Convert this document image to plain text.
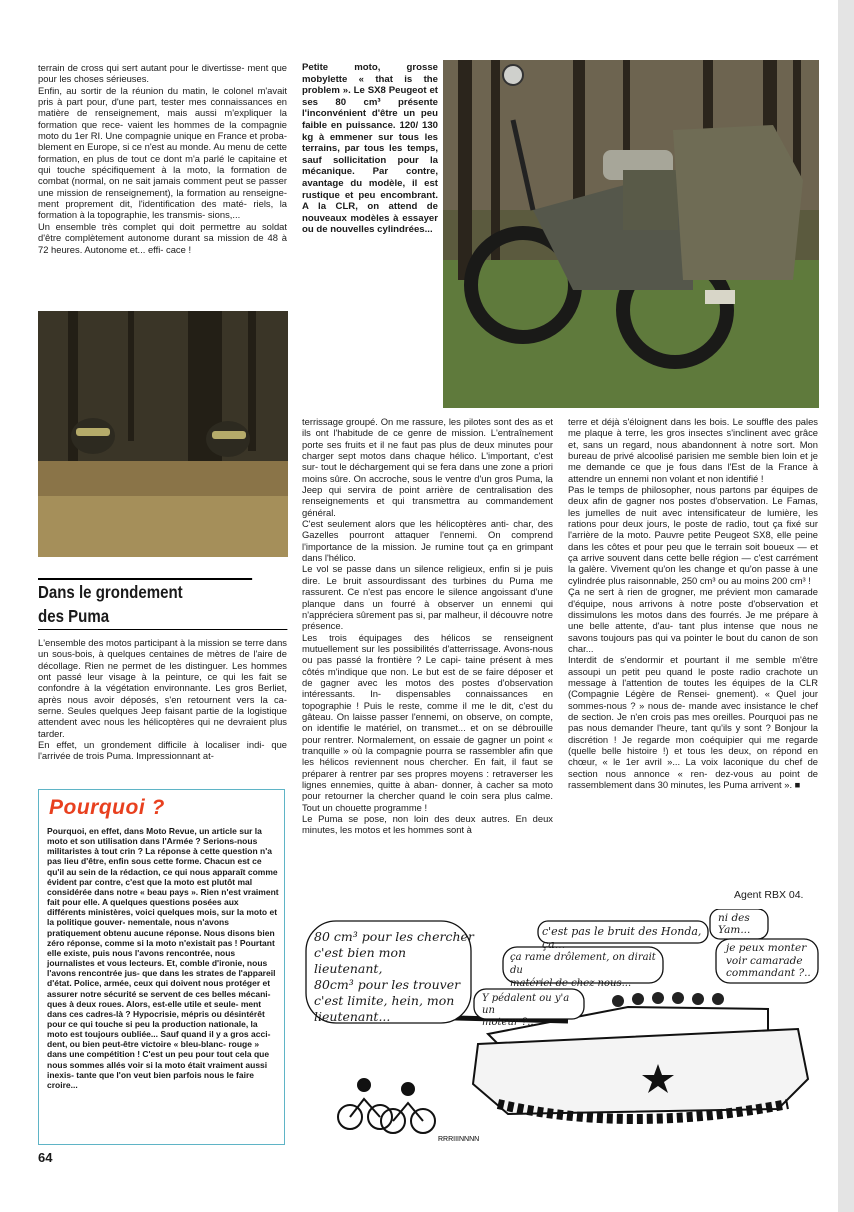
terrain de cross qui sert autant pour le divertisse- ment que pour les choses sérieuses.

Enfin, au sortir de la réunion du matin, le colonel m'avait pris à part pour, d'une part, tester mes connaissances en matière de renseignement, mais aussi m'expliquer la formation que rece- vaient les hommes de la compagnie moto du 1er RI. Une compagnie unique en France et proba- blement en Europe, si ce n'est au monde. Au menu de cette formation, en plus de tout ce dont m'a parlé le capitaine et qui touche spécifiquement à la moto, la formation de combat (normal, on ne sait jamais comment peut se passer une mission de renseignement), la formation au renseigne- ment proprement dit, l'identification des maté- riels, la formation à la topographie, les transmis- sions,...

Un ensemble très complet qui doit permettre au soldat d'être complètement autonome durant sa mission de 48 à 72 heures. Autonome et... effi- cace !

Petite moto, grosse mobylette « that is the problem ». Le SX8 Peugeot et ses 80 cm³ présente l'inconvénient d'être un peu faible en puissance. 120/ 130 kg à emmener sur tous les terrains, par tous les temps, sauf sollicitation pour la mécanique. Par contre, avantage du modèle, il est rustique et peu encombrant. A la CLR, on attend de nouveaux modèles à essayer ou de nouvelles cylindrées...
Dans le grondement
des Puma

L'ensemble des motos participant à la mission se terre dans un sous-bois, à quelques centaines de mètres de l'aire de décollage. Rien ne permet de les distinguer. Les hommes ont passé leur visage à la peinture, ce qui les fait se confondre à la végétation environnante. Les gros Berliet, après nous avoir déposés, s'en retournent vers la ca- serne. Seules quelques Jeep faisant partie de la logistique attendent avec nous les hélicoptères qui ne devraient plus tarder.

En effet, un grondement difficile à localiser indi- que l'arrivée de trois Puma. Impressionnant at-

terrissage groupé. On me rassure, les pilotes sont des as et ils ont l'habitude de ce genre de mission. L'entraînement porte ses fruits et il ne faut pas plus de deux minutes pour charger sept motos dans chaque hélico. L'important, c'est sur- tout le déchargement qui se fera dans une zone a priori moins sûre. On accroche, sous le ventre d'un gros Puma, la Jeep qui servira de point arrière de centralisation des renseignements et qui transmettra au commandement général.

C'est seulement alors que les hélicoptères anti- char, des Gazelles pourront attaquer l'ennemi. On comprend l'importance de la mission. Je rumine tout ça en grimpant dans l'hélico.

Le vol se passe dans un silence religieux, enfin si je puis dire. Le bruit assourdissant des turbines du Puma me rassurent. Ce n'est pas encore le silence angoissant d'une planque dans un fourré à observer un ennemi qui n'appréciera sûrement pas si, par malheur, il découvre notre présence.

Les trois équipages des hélicos se renseignent mutuellement sur les possibilités d'atterrissage. Avons-nous ou pas passé la frontière ? Le capi- taine présent à mes côtés m'indique que non. Le but est de se faire déposer et de gagner avec les motos des postes d'observation intéressants. In- dispensables connaissances en topographie ! Puis le reste, comme il me le dit, c'est du gâteau. On laisse passer l'ennemi, on observe, on compte, on identifie le matériel, on transmet... et on se débrouille pour rentrer. Normalement, on essaie de gagner un point « tranquille » où la compagnie pourra se rassembler afin que les hélicos reviennent nous chercher. En fait, il faut se préparer à rentrer par ses propres moyens : retraverser les lignes ennemies, quitte à aban- donner, à cacher sa moto pour retourner la chercher quand le coin sera plus calme. Tout un chouette programme !

Le Puma se pose, non loin des deux autres. En deux minutes, les motos et les hommes sont à

terre et déjà s'éloignent dans les bois. Le souffle des pales me plaque à terre, les gros insectes s'inclinent avec grâce et, sans un regard, nous abandonnent à notre sort. Mon bureau de privé alcoolisé parisien me semble bien loin et je me demande ce que je fous dans l'Est de la France à attendre un ennemi non volant et non identifié !

Pas le temps de philosopher, nous partons par équipes de deux afin de gagner nos postes d'observation. Le Famas, les jumelles de nuit avec intensificateur de lumière, les rations pour deux jours, le poste de radio, tout ça fixé sur l'arrière de la moto. Pauvre petite Peugeot SX8, elle peine dans les côtes et pour peu que le terrain soit boueux — et ça arrive souvent dans cette belle région — c'est carrément la galère. Vivement qu'on les change et qu'on passe à une cylindrée plus raisonnable, 250 cm³ ou au moins 200 cm³ !

Ça ne sert à rien de grogner, me prévient mon camarade d'équipe, nous arrivons à notre poste d'observation et dissimulons les motos dans des fourrés. Je me prépare à une belle attente, d'au- tant plus intense que nous ne savons toujours pas qui va pointer le bout du canon de son char...

Interdit de s'endormir et pourtant il me semble m'être assoupi un petit peu quand le poste radio crachote un message à l'attention de toutes les équipes de la CLR (Compagnie Légère de Rensei- gnement). « Quel jour sommes-nous ? » nous de- mande avec insistance le chef de section. Je n'en crois pas mes oreilles. Pourquoi pas ne pas nous demander l'heure, tant qu'ils y sont ? Bonjour la discrétion ! Je regarde mon coéquipier qui me regarde (quelle belle histoire !) et tous les deux, on répond en chœur, « le 1er avril »... La voix laconique du chef de section nous annonce « ren- dez-vous au point de rassemblement dans 30 minutes, les Puma arrivent ». ■

Agent RBX 04.
Pourquoi ?
Pourquoi, en effet, dans Moto Revue, un article sur la moto et son utilisation dans l'Armée ? Serions-nous militaristes à tout crin ? La réponse à cette question n'a pas lieu d'être, enfin sous cette forme. Chacun est ce qu'il au sein de la rédaction, ce qui nous apparaît comme évident par contre, c'est que la moto est plutôt mal considérée dans notre « beau pays ». Rien n'est vraiment fait pour elle. A quelques questions posées aux différents ministères, voici quelques mois, sur la moto et la politique gouver- nementale, nous n'avons pratiquement obtenu aucune réponse. Nous disons bien zéro réponse, comme si la moto n'existait pas ! Pourtant elle existe, puis nous l'avons rencontrée, nous journalistes et vous lecteurs. Et, comble d'ironie, nous l'avons rencontrée jus- que dans les strates de l'appareil d'état. Police, armée, ceux qui doivent nous protéger et assurer notre sécurité se servent de ces belles mécani- ques à deux roues. Alors, est-elle utile et seule- ment dans ces cadres-là ? Hypocrisie, mépris ou désintérêt pour ce qui touche si peu la production nationale, la moto est toujours oubliée... Sauf quand il y a gros acci- dent, ou bien peut-être victoire « bleu-blanc- rouge » dans une compétition ! C'est un peu pour tout cela que nous sommes allés voir si la moto était vraiment aussi inexis- tante que l'on veut bien parfois nous le faire croire...
RRRIIINNNN
80 cm³ pour les chercher
c'est bien mon lieutenant,
80cm³ pour les trouver
c'est limite, hein, mon
lieutenant...
c'est pas le bruit des Honda, ça...
ni des
Yam...
ça rame drôlement, on dirait du
matériel de chez nous...
je peux monter
voir camarade
commandant ?..
Y pédalent ou y'a un
moteur ?..
64
